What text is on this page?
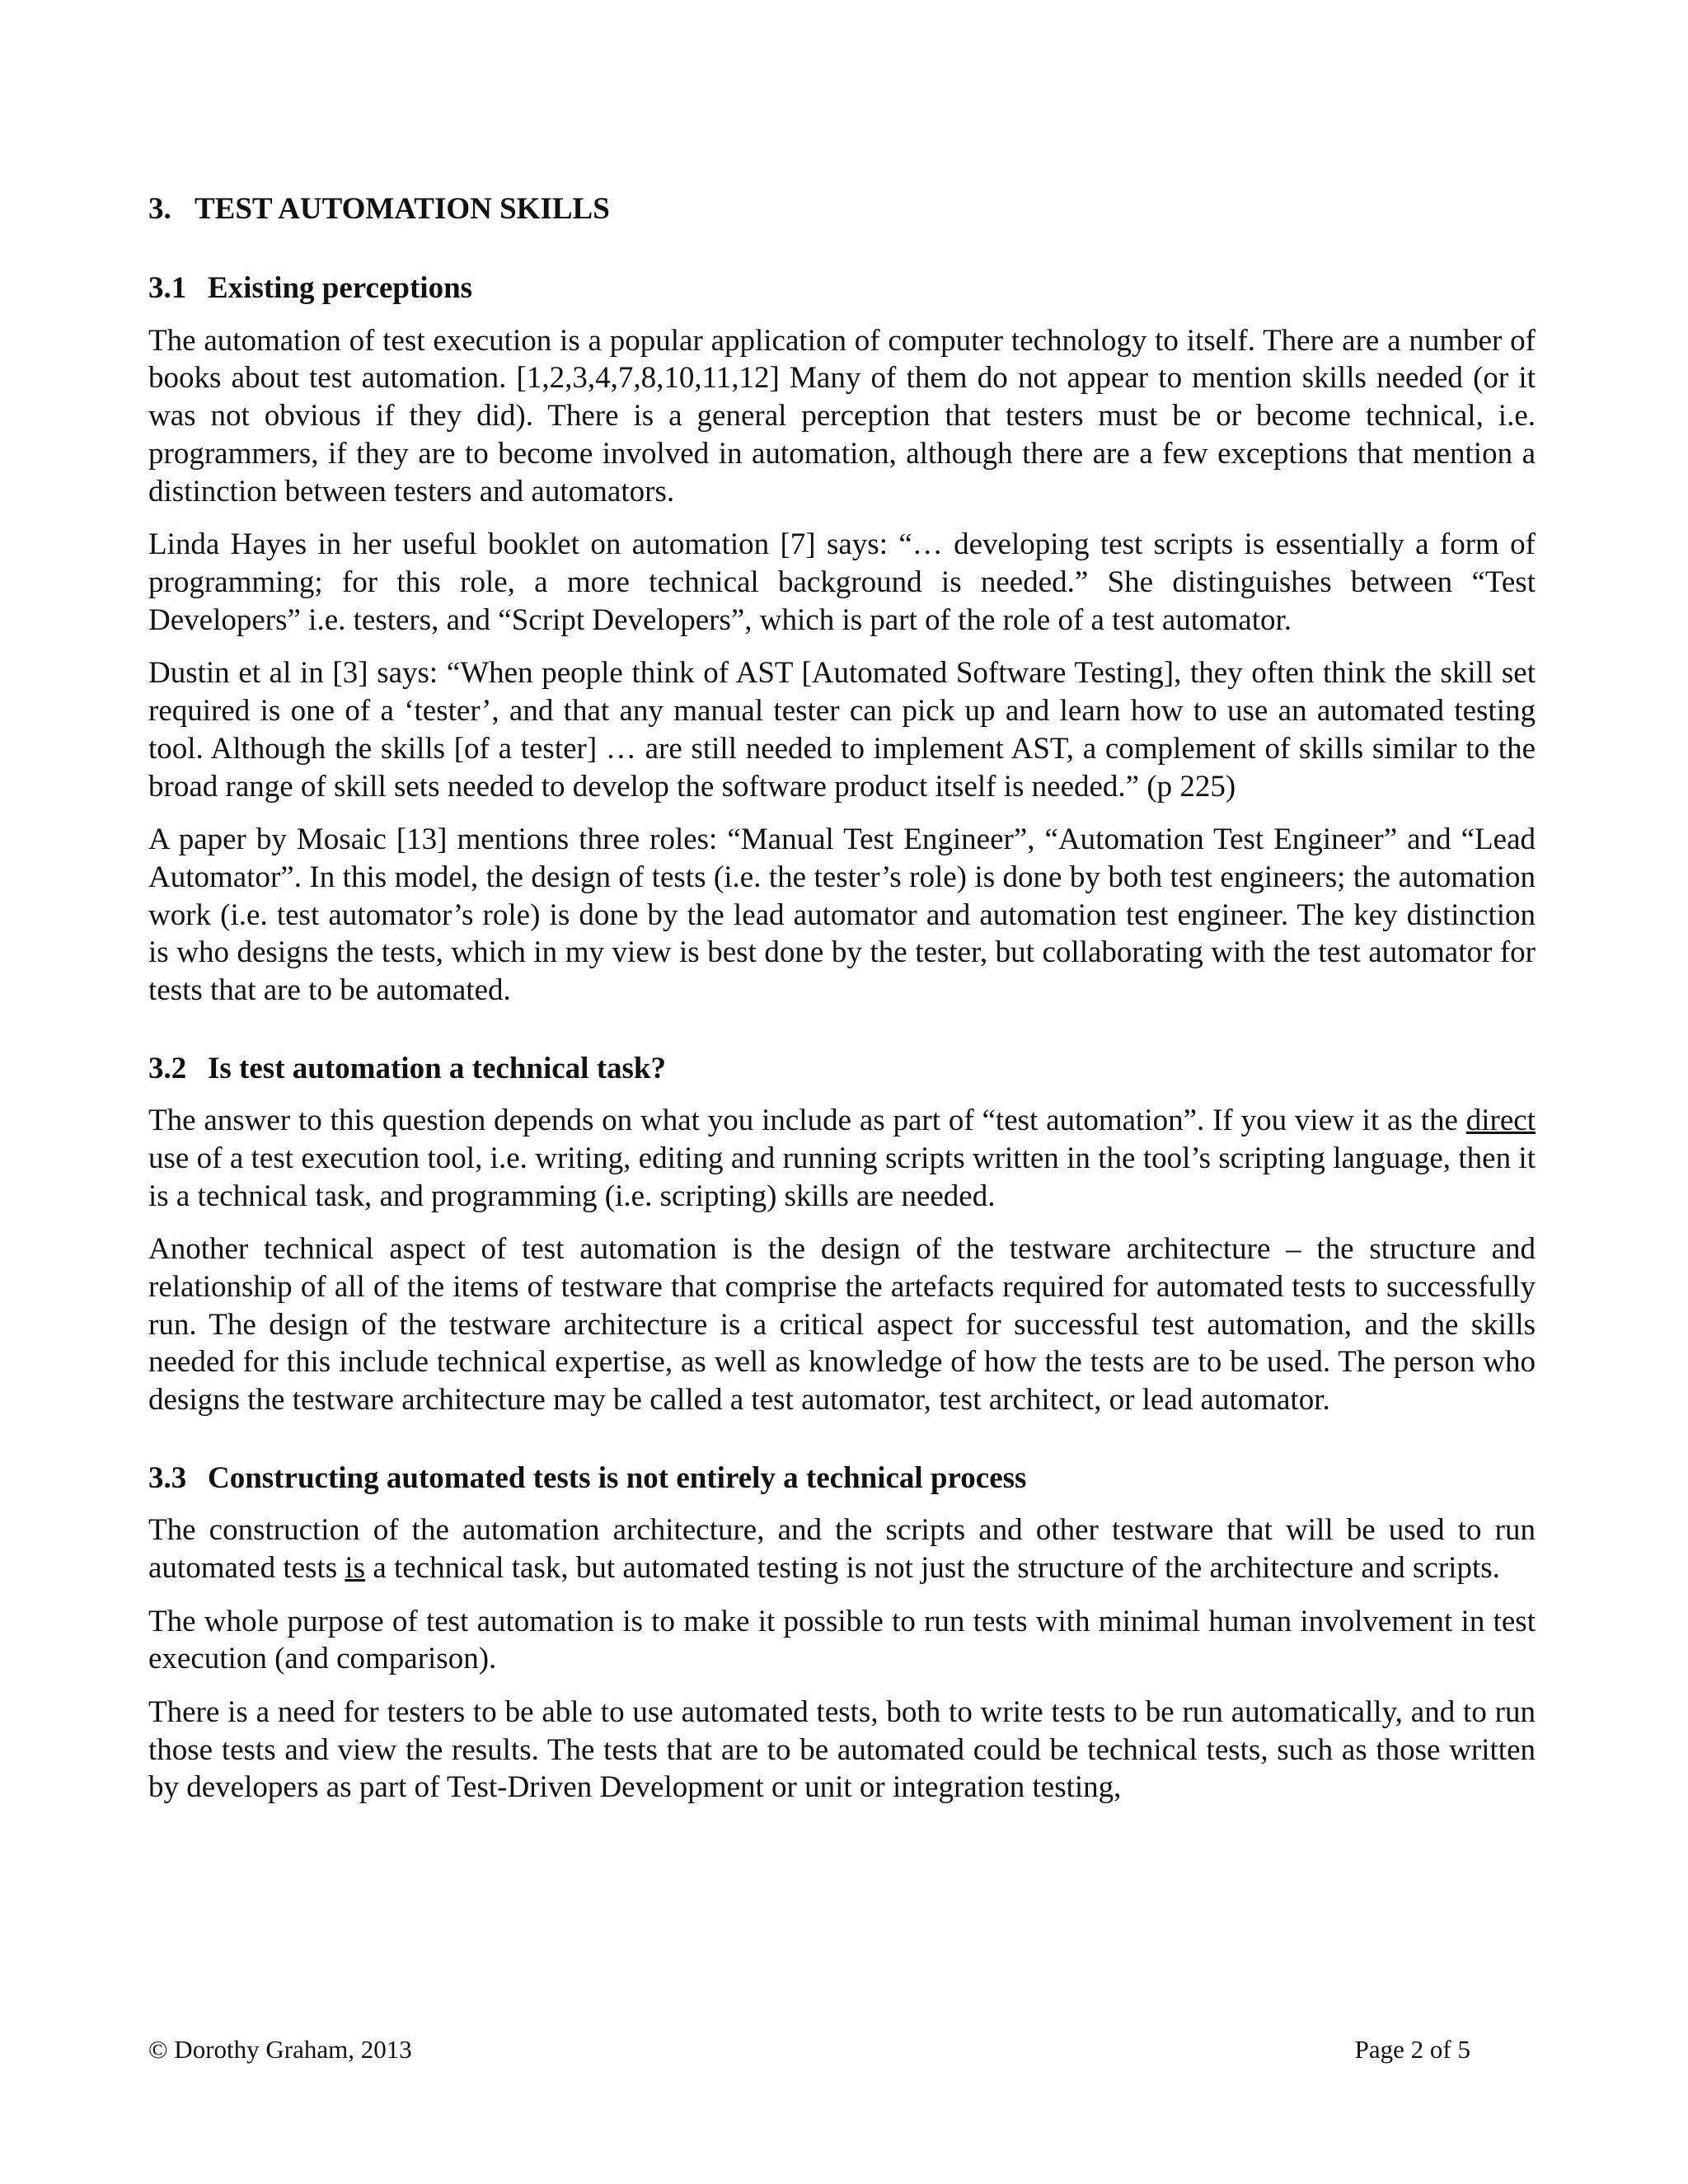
3. TEST AUTOMATION SKILLS
3.1 Existing perceptions

The automation of test execution is a popular application of computer technology to itself. There are a number of books about test automation. [1,2,3,4,7,8,10,11,12] Many of them do not appear to mention skills needed (or it was not obvious if they did). There is a general perception that testers must be or become technical, i.e. programmers, if they are to become involved in automation, although there are a few exceptions that mention a distinction between testers and automators.

Linda Hayes in her useful booklet on automation [7] says: “… developing test scripts is essentially a form of programming; for this role, a more technical background is needed.” She distinguishes between “Test Developers” i.e. testers, and “Script Developers”, which is part of the role of a test automator.

Dustin et al in [3] says: “When people think of AST [Automated Software Testing], they often think the skill set required is one of a ‘tester’, and that any manual tester can pick up and learn how to use an automated testing tool. Although the skills [of a tester] … are still needed to implement AST, a complement of skills similar to the broad range of skill sets needed to develop the software product itself is needed.” (p 225)

A paper by Mosaic [13] mentions three roles: “Manual Test Engineer”, “Automation Test Engineer” and “Lead Automator”. In this model, the design of tests (i.e. the tester’s role) is done by both test engineers; the automation work (i.e. test automator’s role) is done by the lead automator and automation test engineer. The key distinction is who designs the tests, which in my view is best done by the tester, but collaborating with the test automator for tests that are to be automated.

3.2 Is test automation a technical task?

The answer to this question depends on what you include as part of “test automation”. If you view it as the direct use of a test execution tool, i.e. writing, editing and running scripts written in the tool’s scripting language, then it is a technical task, and programming (i.e. scripting) skills are needed.

Another technical aspect of test automation is the design of the testware architecture – the structure and relationship of all of the items of testware that comprise the artefacts required for automated tests to successfully run. The design of the testware architecture is a critical aspect for successful test automation, and the skills needed for this include technical expertise, as well as knowledge of how the tests are to be used. The person who designs the testware architecture may be called a test automator, test architect, or lead automator.

3.3 Constructing automated tests is not entirely a technical process

The construction of the automation architecture, and the scripts and other testware that will be used to run automated tests is a technical task, but automated testing is not just the structure of the architecture and scripts.

The whole purpose of test automation is to make it possible to run tests with minimal human involvement in test execution (and comparison).

There is a need for testers to be able to use automated tests, both to write tests to be run automatically, and to run those tests and view the results. The tests that are to be automated could be technical tests, such as those written by developers as part of Test-Driven Development or unit or integration testing,

© Dorothy Graham, 2013	Page 2 of 5
